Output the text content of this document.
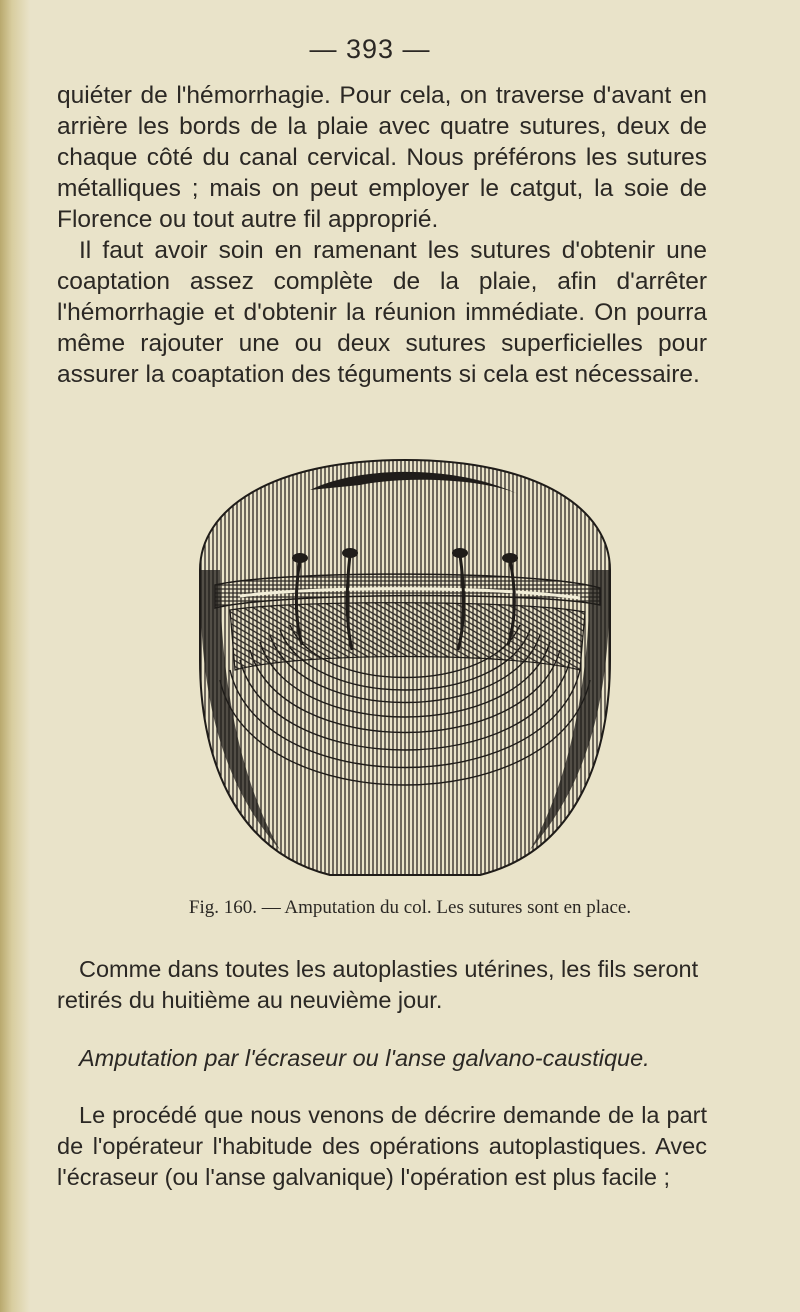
— 393 —

quiéter de l'hémorrhagie. Pour cela, on traverse d'avant en arrière les bords de la plaie avec quatre sutures, deux de chaque côté du canal cervical. Nous préférons les sutures métalliques ; mais on peut employer le catgut, la soie de Florence ou tout autre fil approprié.

Il faut avoir soin en ramenant les sutures d'obtenir une coaptation assez complète de la plaie, afin d'arrêter l'hémorrhagie et d'obtenir la réunion immédiate. On pourra même rajouter une ou deux sutures superficielles pour assurer la coaptation des téguments si cela est nécessaire.

Fig. 160. — Amputation du col. Les sutures sont en place.

Comme dans toutes les autoplasties utérines, les fils seront retirés du huitième au neuvième jour.

Amputation par l'écraseur ou l'anse galvano-caustique.

Le procédé que nous venons de décrire demande de la part de l'opérateur l'habitude des opérations autoplastiques. Avec l'écraseur (ou l'anse galvanique) l'opération est plus facile ;
